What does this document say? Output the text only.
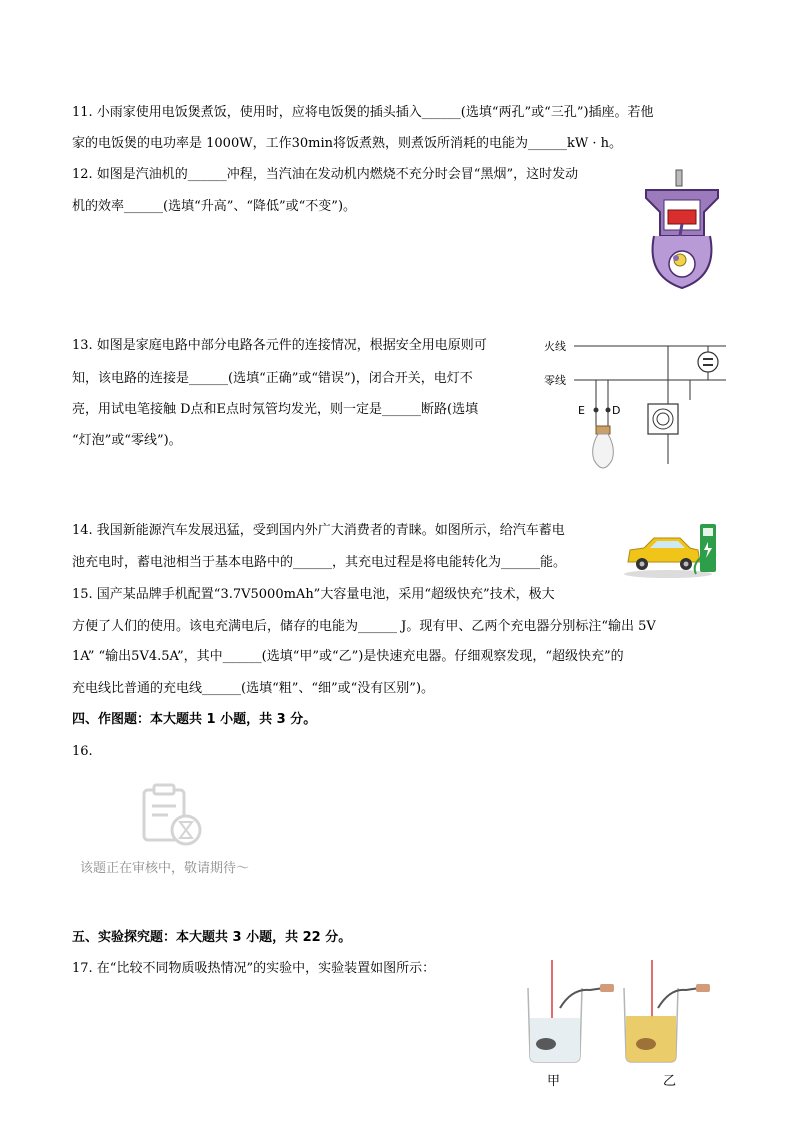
11. 小雨家使用电饭煲煮饭，使用时，应将电饭煲的插头插入______(选填“两孔”或“三孔”)插座。若他
家的电饭煲的电功率是 1000W，工作30min将饭煮熟，则煮饭所消耗的电能为______kW · h。
12. 如图是汽油机的______冲程，当汽油在发动机内燃烧不充分时会冒“黑烟”，这时发动
机的效率______(选填“升高”、“降低”或“不变”)。
13. 如图是家庭电路中部分电路各元件的连接情况，根据安全用电原则可
知，该电路的连接是______(选填“正确”或“错误”)，闭合开关，电灯不
亮，用试电笔接触 D点和E点时氖管均发光，则一定是______断路(选填
“灯泡”或“零线”)。
火线
零线
E D
14. 我国新能源汽车发展迅猛，受到国内外广大消费者的青睐。如图所示，给汽车蓄电
池充电时，蓄电池相当于基本电路中的______，其充电过程是将电能转化为______能。
15. 国产某品牌手机配置“3.7V5000mAh”大容量电池，采用“超级快充”技术，极大
方便了人们的使用。该电充满电后，储存的电能为______ J。现有甲、乙两个充电器分别标注“输出 5V
1A” “输出5V4.5A”，其中______(选填“甲”或“乙”)是快速充电器。仔细观察发现，“超级快充”的
充电线比普通的充电线______(选填“粗”、“细”或“没有区别”)。
四、作图题：本大题共 1 小题，共 3 分。
16.
该题正在审核中，敬请期待～
五、实验探究题：本大题共 3 小题，共 22 分。
17. 在“比较不同物质吸热情况”的实验中，实验装置如图所示：
甲	乙
